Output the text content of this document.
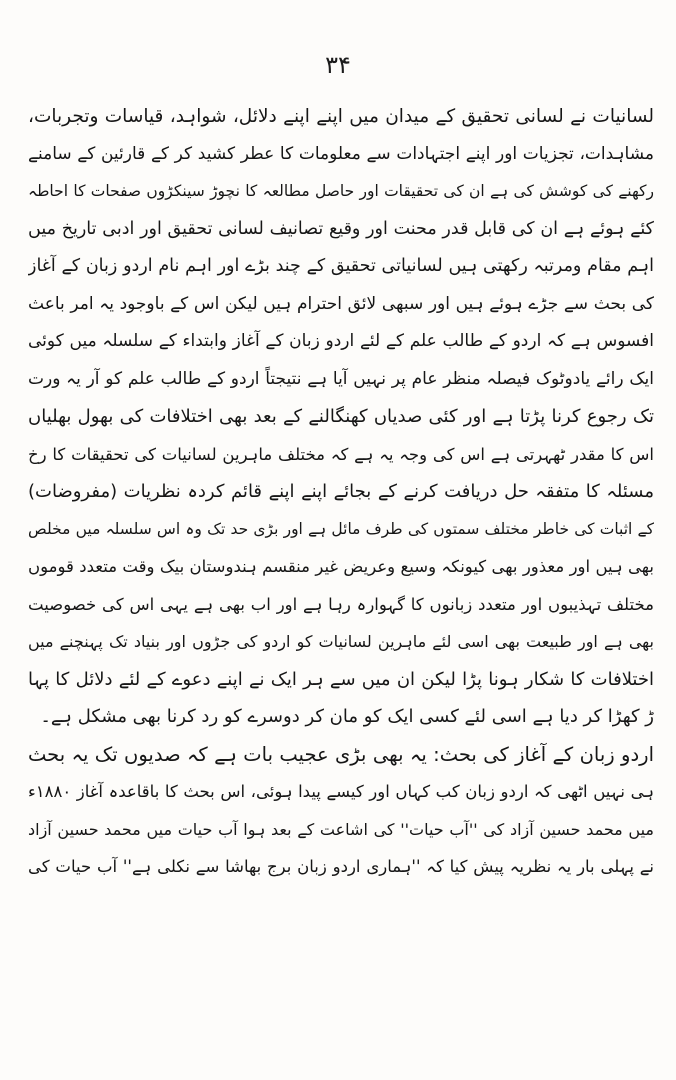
۳۴
لسانیات نے لسانی تحقیق کے میدان میں اپنے اپنے دلائل، شواہد، قیاسات وتجربات،
مشاہدات، تجزیات اور اپنے اجتہادات سے معلومات کا عطر کشید کر کے قارئین کے سامنے
رکھنے کی کوشش کی ہے ان کی تحقیقات اور حاصل مطالعہ کا نچوڑ سینکڑوں صفحات کا احاطہ
کئے ہوئے ہے ان کی قابل قدر محنت اور وقیع تصانیف لسانی تحقیق اور ادبی تاریخ میں
اہم مقام ومرتبہ رکھتی ہیں لسانیاتی تحقیق کے چند بڑے اور اہم نام اردو زبان کے آغاز
کی بحث سے جڑے ہوئے ہیں اور سبھی لائق احترام ہیں لیکن اس کے باوجود یہ امر باعث
افسوس ہے کہ اردو کے طالب علم کے لئے اردو زبان کے آغاز وابتداء کے سلسلہ میں کوئی
ایک رائے یادوٹوک فیصلہ منظر عام پر نہیں آیا ہے نتیجتاً اردو کے طالب علم کو آر یہ ورت
تک رجوع کرنا پڑتا ہے اور کئی صدیاں کھنگالنے کے بعد بھی اختلافات کی بھول بھلیاں
اس کا مقدر ٹھہرتی ہے اس کی وجہ یہ ہے کہ مختلف ماہرین لسانیات کی تحقیقات کا رخ
مسئلہ کا متفقہ حل دریافت کرنے کے بجائے اپنے اپنے قائم کردہ نظریات (مفروضات)
کے اثبات کی خاطر مختلف سمتوں کی طرف مائل ہے اور بڑی حد تک وہ اس سلسلہ میں مخلص
بھی ہیں اور معذور بھی کیونکہ وسیع وعریض غیر منقسم ہندوستان بیک وقت متعدد قوموں
مختلف تہذیبوں اور متعدد زبانوں کا گہوارہ رہا ہے اور اب بھی ہے یہی اس کی خصوصیت
بھی ہے اور طبیعت بھی اسی لئے ماہرین لسانیات کو اردو کی جڑوں اور بنیاد تک پہنچنے میں
اختلافات کا شکار ہونا پڑا لیکن ان میں سے ہر ایک نے اپنے دعوے کے لئے دلائل کا پہا
ڑ کھڑا کر دیا ہے اسی لئے کسی ایک کو مان کر دوسرے کو رد کرنا بھی مشکل ہے۔
اردو زبان کے آغاز کی بحث: یہ بھی بڑی عجیب بات ہے کہ صدیوں تک یہ بحث
ہی نہیں اٹھی کہ اردو زبان کب کہاں اور کیسے پیدا ہوئی، اس بحث کا باقاعدہ آغاز ۱۸۸۰ء
میں محمد حسین آزاد کی ''آب حیات'' کی اشاعت کے بعد ہوا آب حیات میں محمد حسین آزاد
نے پہلی بار یہ نظریہ پیش کیا کہ ''ہماری اردو زبان برج بھاشا سے نکلی ہے'' آب حیات کی
